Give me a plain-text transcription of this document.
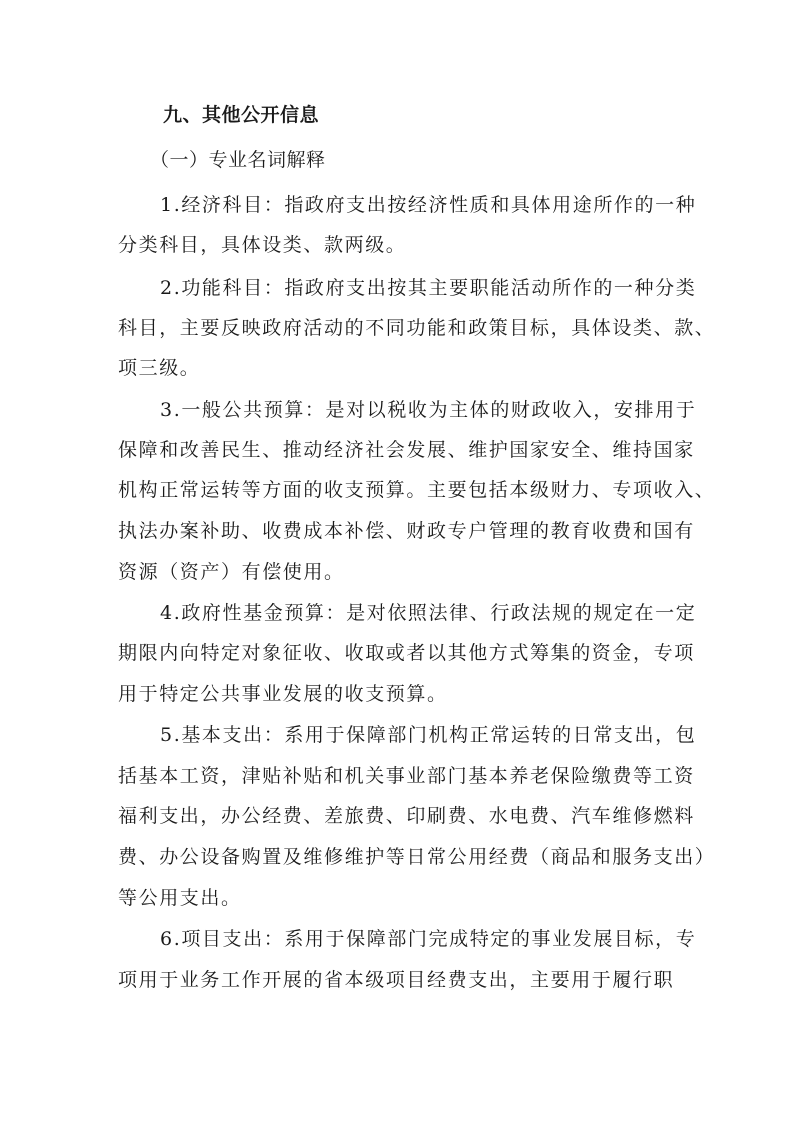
九、其他公开信息
（一）专业名词解释
1.经济科目：指政府支出按经济性质和具体用途所作的一种
分类科目，具体设类、款两级。
2.功能科目：指政府支出按其主要职能活动所作的一种分类
科目，主要反映政府活动的不同功能和政策目标，具体设类、款、
项三级。
3.一般公共预算：是对以税收为主体的财政收入，安排用于
保障和改善民生、推动经济社会发展、维护国家安全、维持国家
机构正常运转等方面的收支预算。主要包括本级财力、专项收入、
执法办案补助、收费成本补偿、财政专户管理的教育收费和国有
资源（资产）有偿使用。
4.政府性基金预算：是对依照法律、行政法规的规定在一定
期限内向特定对象征收、收取或者以其他方式筹集的资金，专项
用于特定公共事业发展的收支预算。
5.基本支出：系用于保障部门机构正常运转的日常支出，包
括基本工资，津贴补贴和机关事业部门基本养老保险缴费等工资
福利支出，办公经费、差旅费、印刷费、水电费、汽车维修燃料
费、办公设备购置及维修维护等日常公用经费（商品和服务支出）
等公用支出。
6.项目支出：系用于保障部门完成特定的事业发展目标，专
项用于业务工作开展的省本级项目经费支出，主要用于履行职
